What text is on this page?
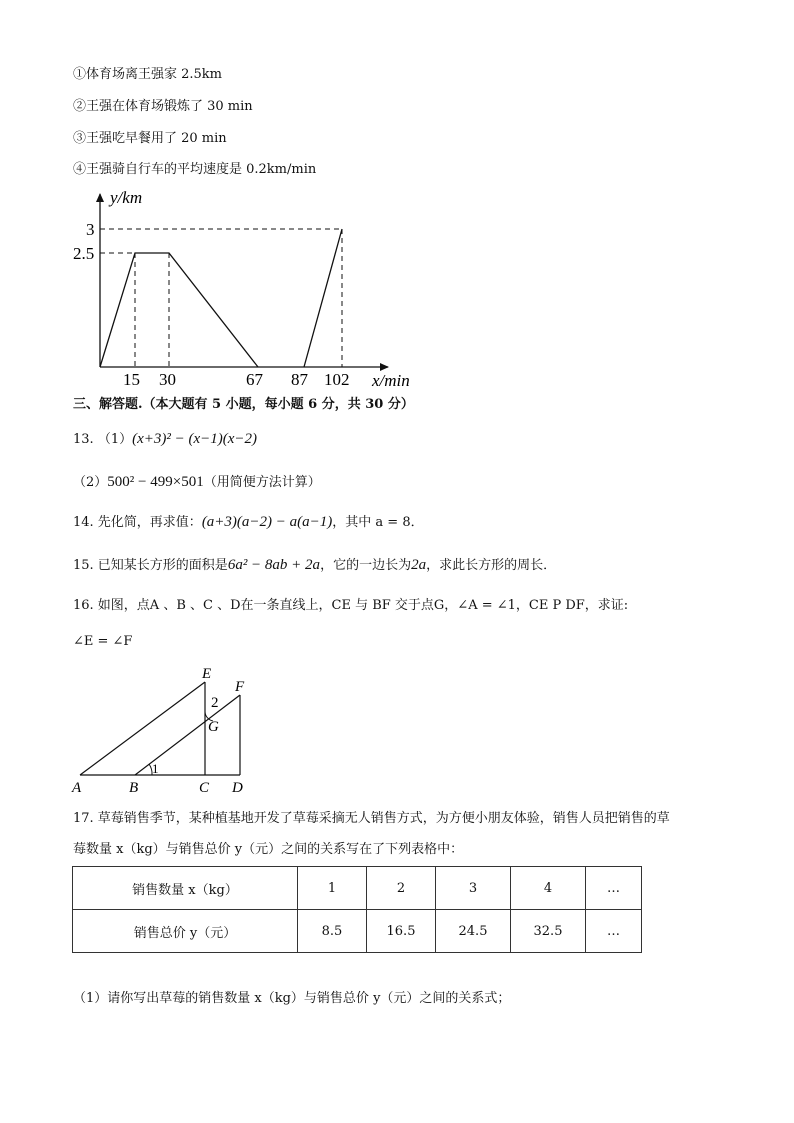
①体育场离王强家 2.5km
②王强在体育场锻炼了 30 min
③王强吃早餐用了 20 min
④王强骑自行车的平均速度是 0.2km/min
y/km
x/min
3
2.5
15 30	67 87 102
三、解答题.（本大题有 5 小题，每小题 6 分，共 30 分）
13. （1）(x+3)² − (x−1)(x−2)
（2）500² − 499×501（用简便方法计算）
14. 先化简，再求值：(a+3)(a−2) − a(a−1)，其中 a = 8．
15. 已知某长方形的面积是6a² − 8ab + 2a，它的一边长为2a，求此长方形的周长．
16. 如图，点A 、B 、C 、D在一条直线上，CE 与 BF 交于点G，∠A = ∠1，CE P DF，求证:
∠E = ∠F
A	B	C D
E
F
G
1
2
17. 草莓销售季节，某种植基地开发了草莓采摘无人销售方式，为方便小朋友体验，销售人员把销售的草
莓数量 x（kg）与销售总价 y（元）之间的关系写在了下列表格中：
销售数量 x（kg）	1	2	3	4	…
销售总价 y（元）	8.5	16.5	24.5	32.5	…
（1）请你写出草莓的销售数量 x（kg）与销售总价 y（元）之间的关系式；
